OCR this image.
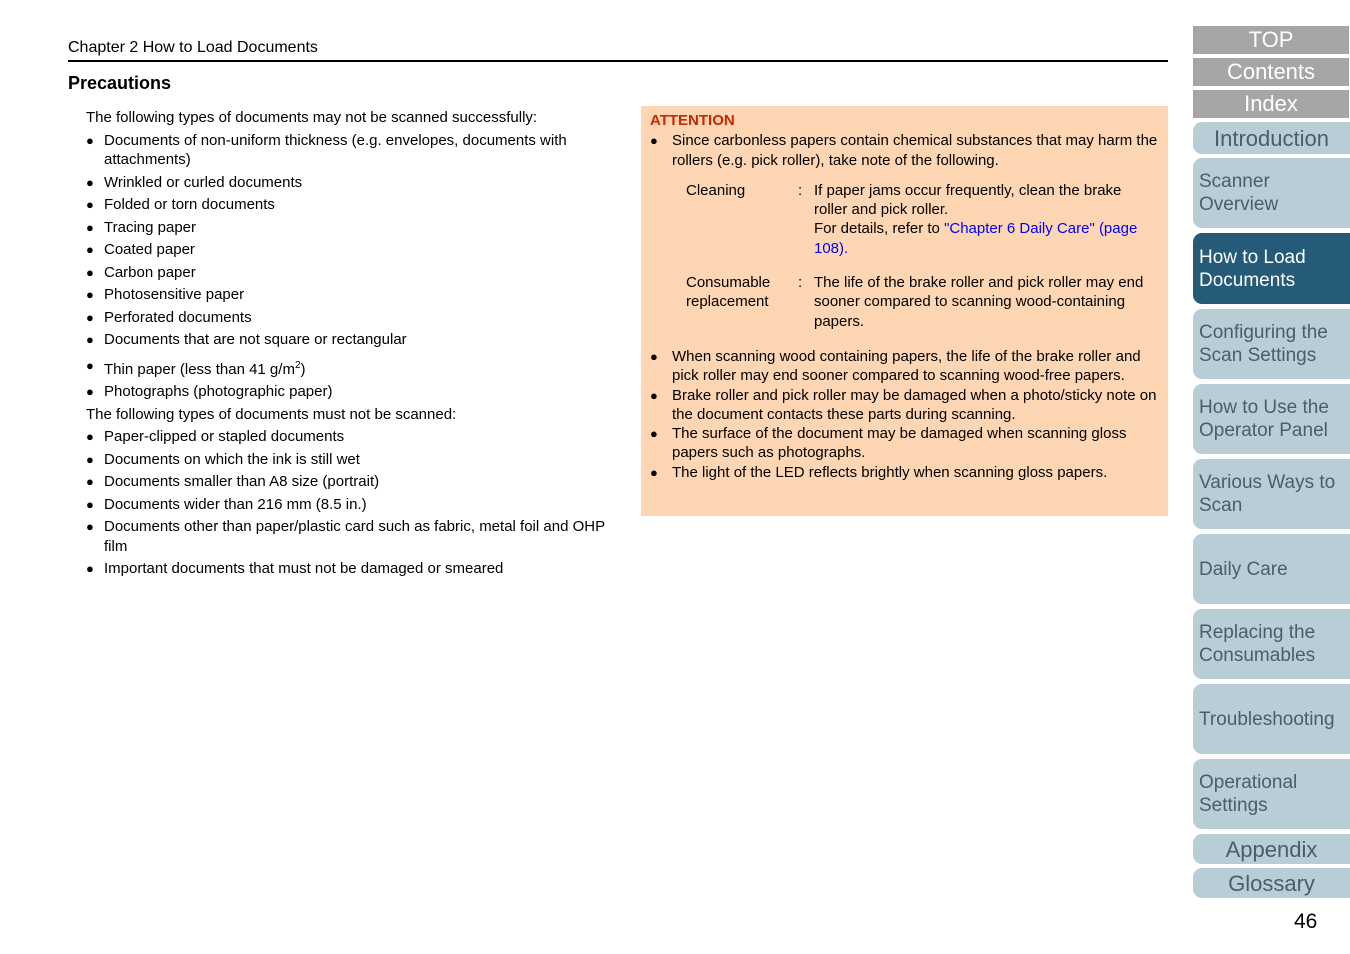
Chapter 2 How to Load Documents
Precautions
The following types of documents may not be scanned successfully:
● Documents of non-uniform thickness (e.g. envelopes, documents with attachments)
● Wrinkled or curled documents
● Folded or torn documents
● Tracing paper
● Coated paper
● Carbon paper
● Photosensitive paper
● Perforated documents
● Documents that are not square or rectangular
● Thin paper (less than 41 $g/m^2$)
● Photographs (photographic paper)
The following types of documents must not be scanned:
● Paper-clipped or stapled documents
● Documents on which the ink is still wet
● Documents smaller than A8 size (portrait)
● Documents wider than 216 mm (8.5 in.)
● Documents other than paper/plastic card such as fabric, metal foil and OHP film
● Important documents that must not be damaged or smeared
ATTENTION
● Since carbonless papers contain chemical substances that may harm the rollers (e.g. pick roller), take note of the following.
Cleaning	:	If paper jams occur frequently, clean the brake roller and pick roller.
For details, refer to "Chapter 6 Daily Care" (page 108).

Consumable replacement	:	The life of the brake roller and pick roller may end sooner compared to scanning wood-containing papers.
● When scanning wood containing papers, the life of the brake roller and pick roller may end sooner compared to scanning wood-free papers.
● Brake roller and pick roller may be damaged when a photo/sticky note on the document contacts these parts during scanning.
● The surface of the document may be damaged when scanning gloss papers such as photographs.
● The light of the LED reflects brightly when scanning gloss papers.
TOP
Contents
Index
Introduction
Scanner Overview
How to Load Documents
Configuring the Scan Settings
How to Use the Operator Panel
Various Ways to Scan
Daily Care
Replacing the Consumables
Troubleshooting
Operational Settings
Appendix
Glossary
46
